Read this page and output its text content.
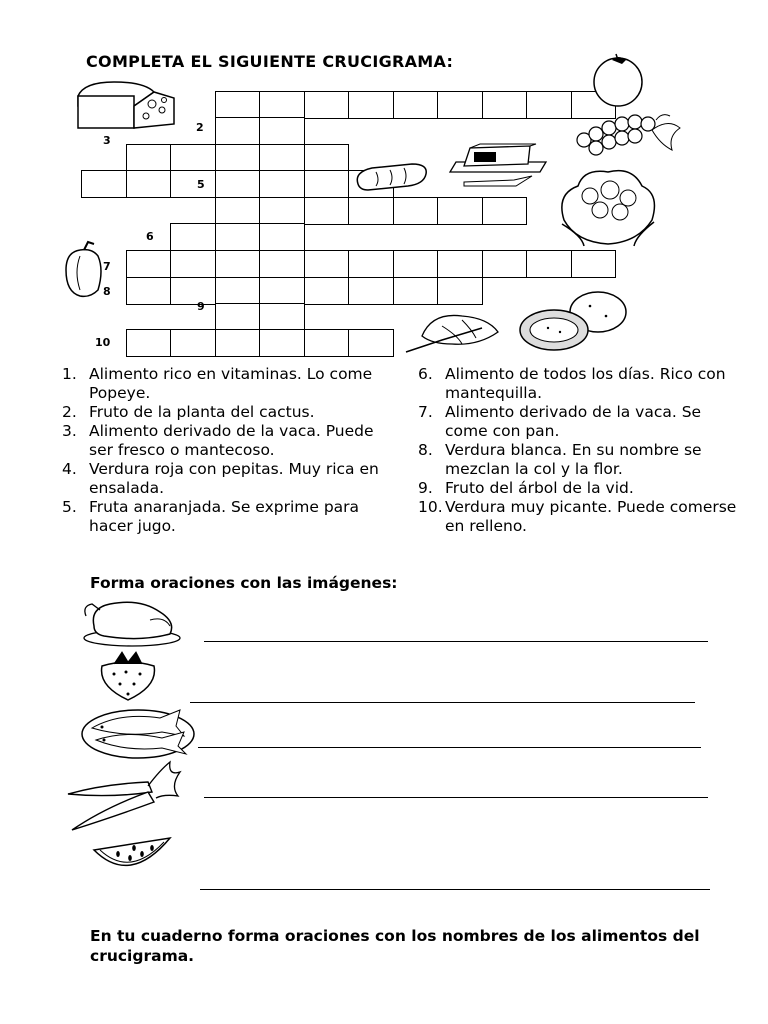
COMPLETA EL SIGUIENTE CRUCIGRAMA:
2
3
5
6
7
8
9
10
1. Alimento rico en vitaminas. Lo come Popeye.
2. Fruto de la planta del cactus.
3. Alimento derivado de la vaca. Puede ser fresco o mantecoso.
4. Verdura roja con pepitas. Muy rica en ensalada.
5. Fruta anaranjada. Se exprime para hacer jugo.
6. Alimento de todos los días. Rico con mantequilla.
7. Alimento derivado de la vaca. Se come con pan.
8. Verdura blanca. En su nombre se mezclan la col y la flor.
9. Fruto del árbol de la vid.
10. Verdura muy picante. Puede comerse en relleno.
Forma oraciones con las imágenes:
En tu cuaderno forma oraciones con los nombres de los alimentos del crucigrama.
